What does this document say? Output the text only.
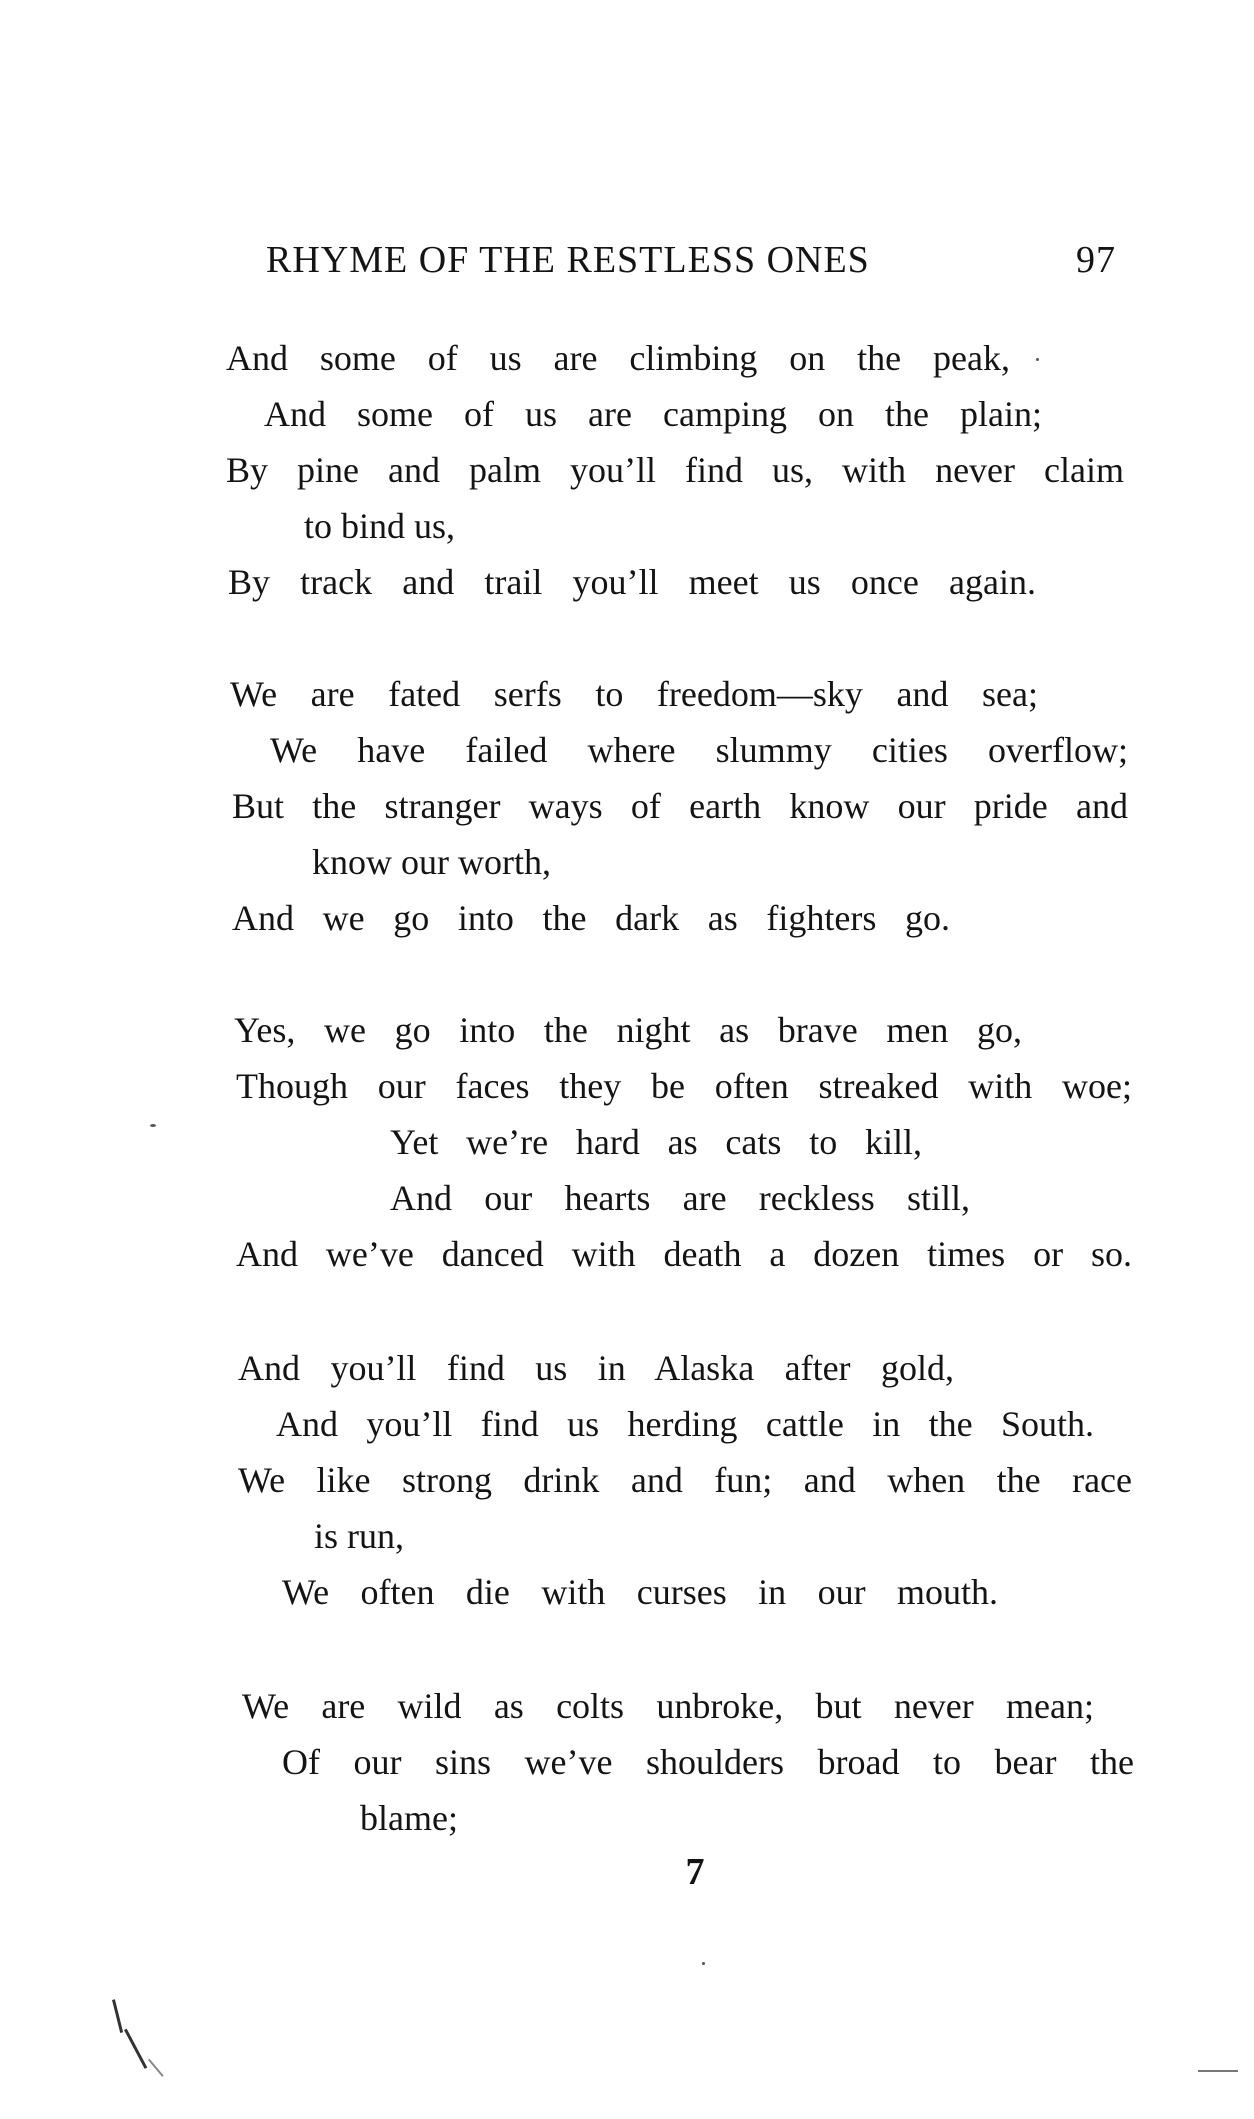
RHYME OF THE RESTLESS ONES	97
And some of us are climbing on the peak,
And some of us are camping on the plain;
By pine and palm you’ll find us, with never claim
to bind us,
By track and trail you’ll meet us once again.
We are fated serfs to freedom—sky and sea;
We have failed where slummy cities overflow;
But the stranger ways of earth know our pride and
know our worth,
And we go into the dark as fighters go.
Yes, we go into the night as brave men go,
Though our faces they be often streaked with woe;
Yet we’re hard as cats to kill,
And our hearts are reckless still,
And we’ve danced with death a dozen times or so.
And you’ll find us in Alaska after gold,
And you’ll find us herding cattle in the South.
We like strong drink and fun; and when the race
is run,
We often die with curses in our mouth.
We are wild as colts unbroke, but never mean;
Of our sins we’ve shoulders broad to bear the
blame;
7
